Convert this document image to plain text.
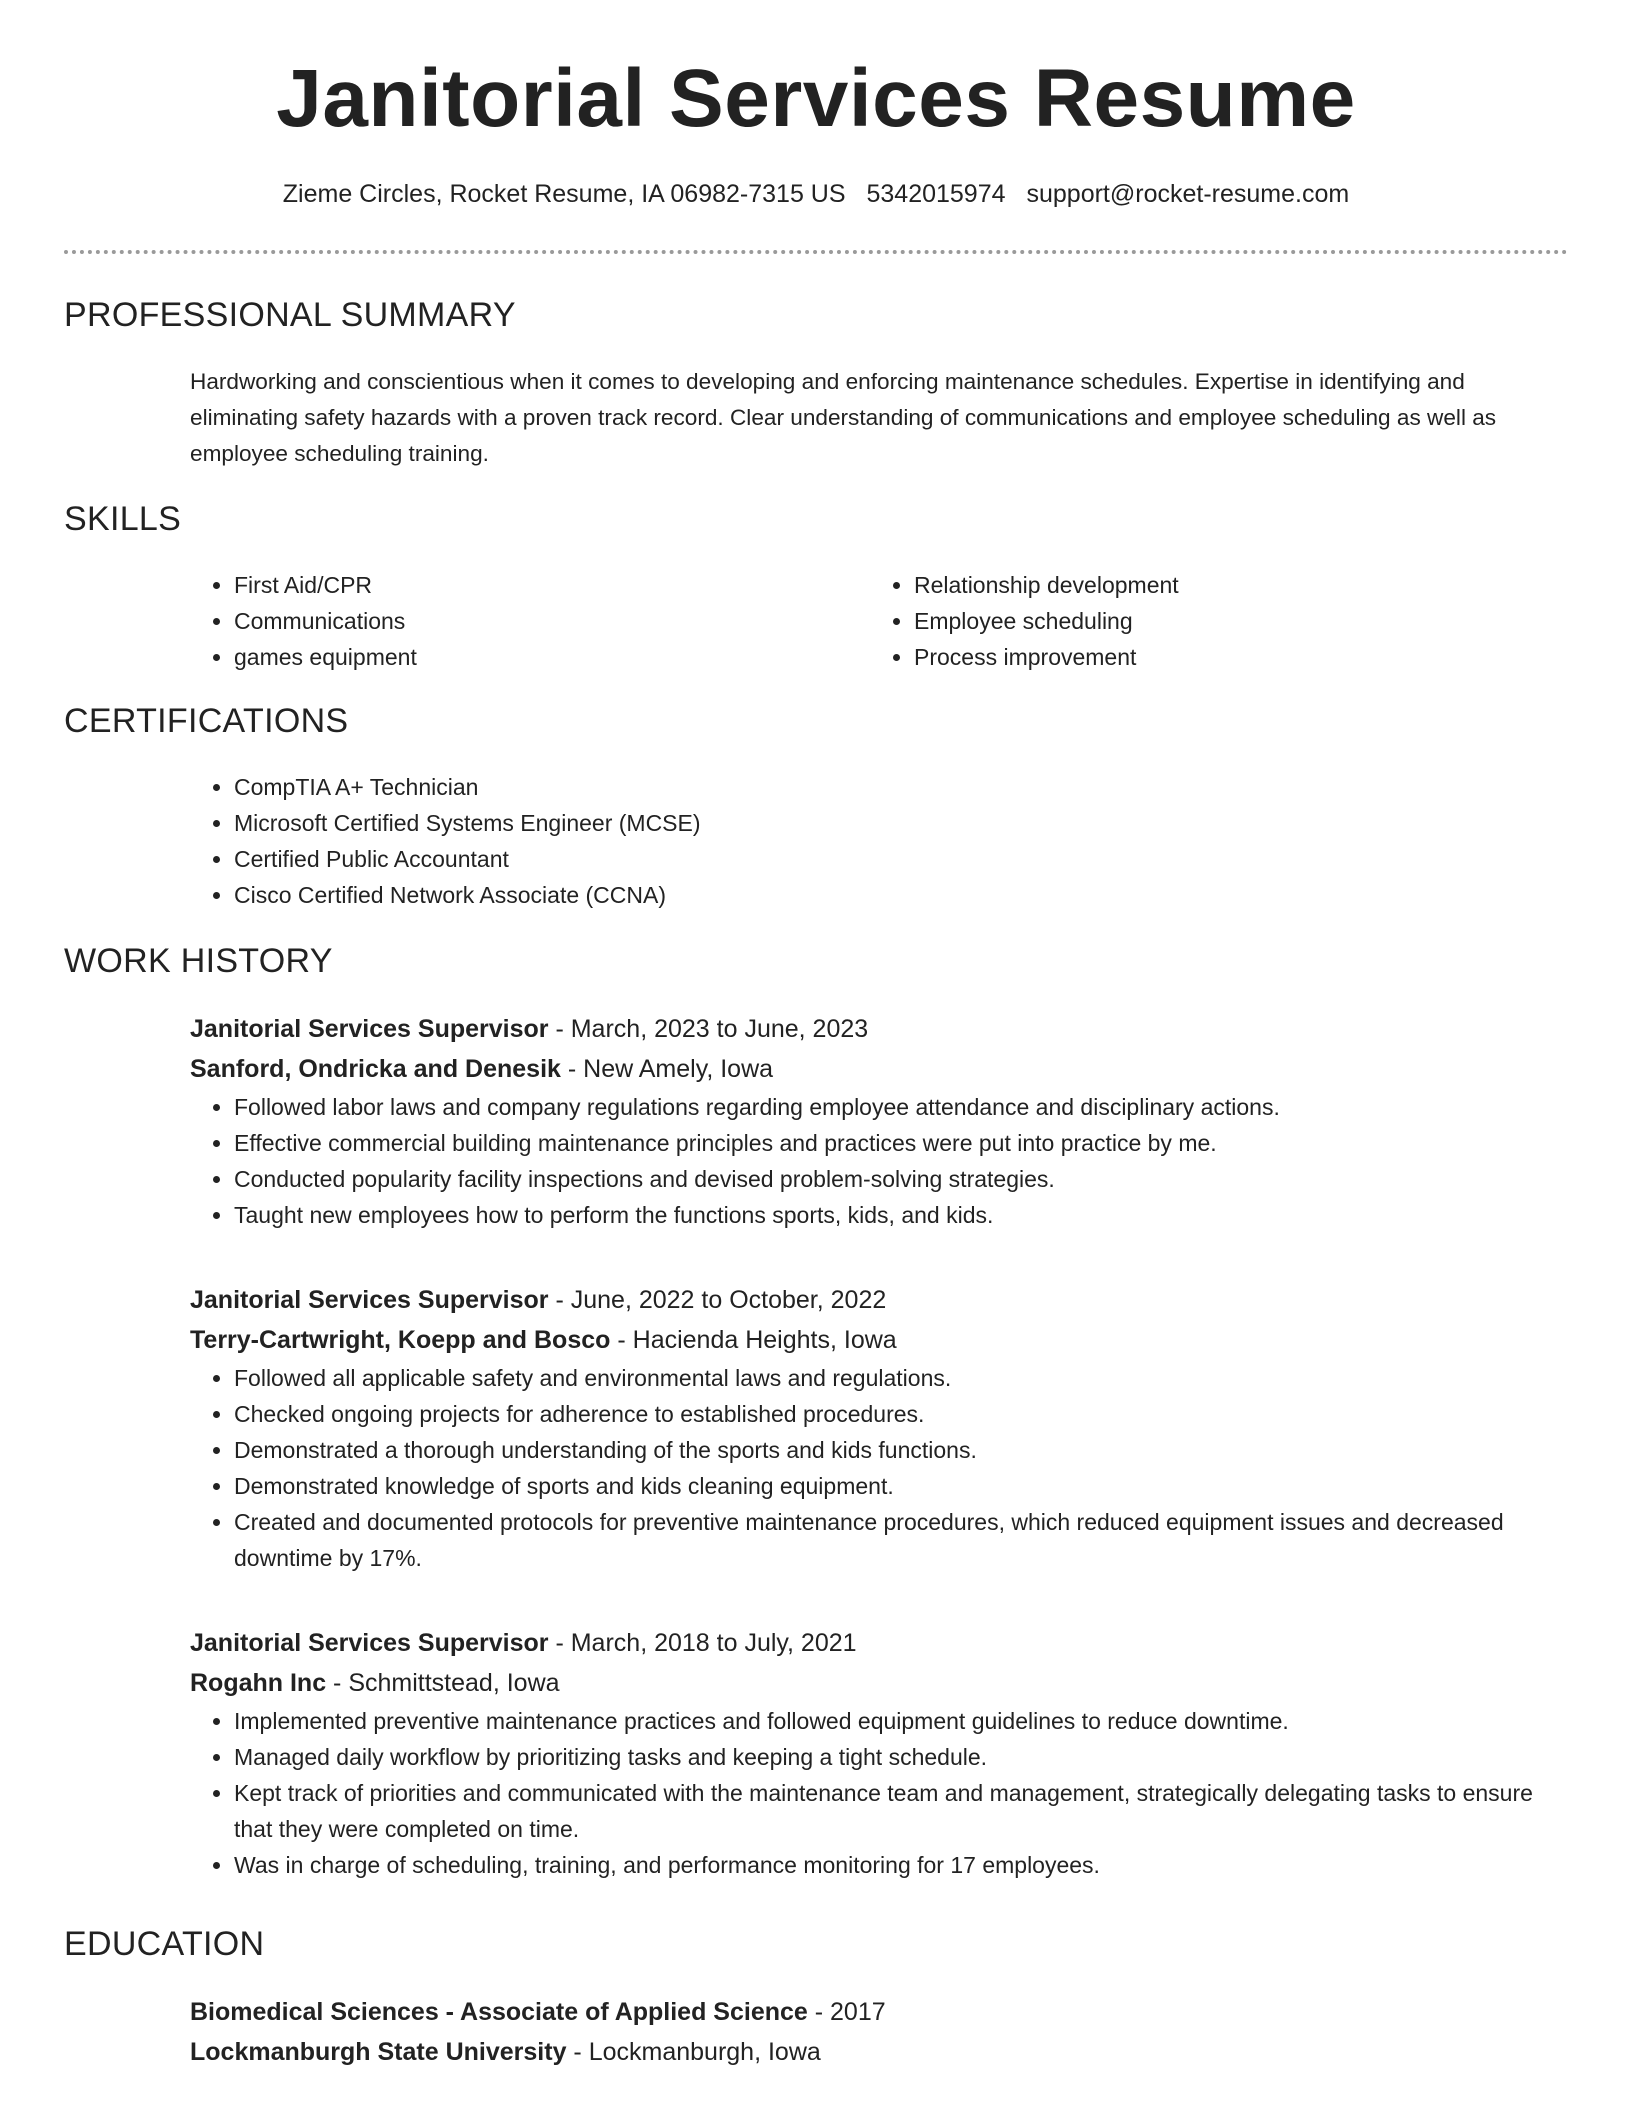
Janitorial Services Resume
Zieme Circles, Rocket Resume, IA 06982-7315 US 5342015974 support@rocket-resume.com
PROFESSIONAL SUMMARY
Hardworking and conscientious when it comes to developing and enforcing maintenance schedules. Expertise in identifying and eliminating safety hazards with a proven track record. Clear understanding of communications and employee scheduling as well as employee scheduling training.
SKILLS
• First Aid/CPR
• Communications
• games equipment
• Relationship development
• Employee scheduling
• Process improvement
CERTIFICATIONS
• CompTIA A+ Technician
• Microsoft Certified Systems Engineer (MCSE)
• Certified Public Accountant
• Cisco Certified Network Associate (CCNA)
WORK HISTORY
Janitorial Services Supervisor - March, 2023 to June, 2023
Sanford, Ondricka and Denesik - New Amely, Iowa
• Followed labor laws and company regulations regarding employee attendance and disciplinary actions.
• Effective commercial building maintenance principles and practices were put into practice by me.
• Conducted popularity facility inspections and devised problem-solving strategies.
• Taught new employees how to perform the functions sports, kids, and kids.
Janitorial Services Supervisor - June, 2022 to October, 2022
Terry-Cartwright, Koepp and Bosco - Hacienda Heights, Iowa
• Followed all applicable safety and environmental laws and regulations.
• Checked ongoing projects for adherence to established procedures.
• Demonstrated a thorough understanding of the sports and kids functions.
• Demonstrated knowledge of sports and kids cleaning equipment.
• Created and documented protocols for preventive maintenance procedures, which reduced equipment issues and decreased downtime by 17%.
Janitorial Services Supervisor - March, 2018 to July, 2021
Rogahn Inc - Schmittstead, Iowa
• Implemented preventive maintenance practices and followed equipment guidelines to reduce downtime.
• Managed daily workflow by prioritizing tasks and keeping a tight schedule.
• Kept track of priorities and communicated with the maintenance team and management, strategically delegating tasks to ensure that they were completed on time.
• Was in charge of scheduling, training, and performance monitoring for 17 employees.
EDUCATION
Biomedical Sciences - Associate of Applied Science - 2017
Lockmanburgh State University - Lockmanburgh, Iowa
